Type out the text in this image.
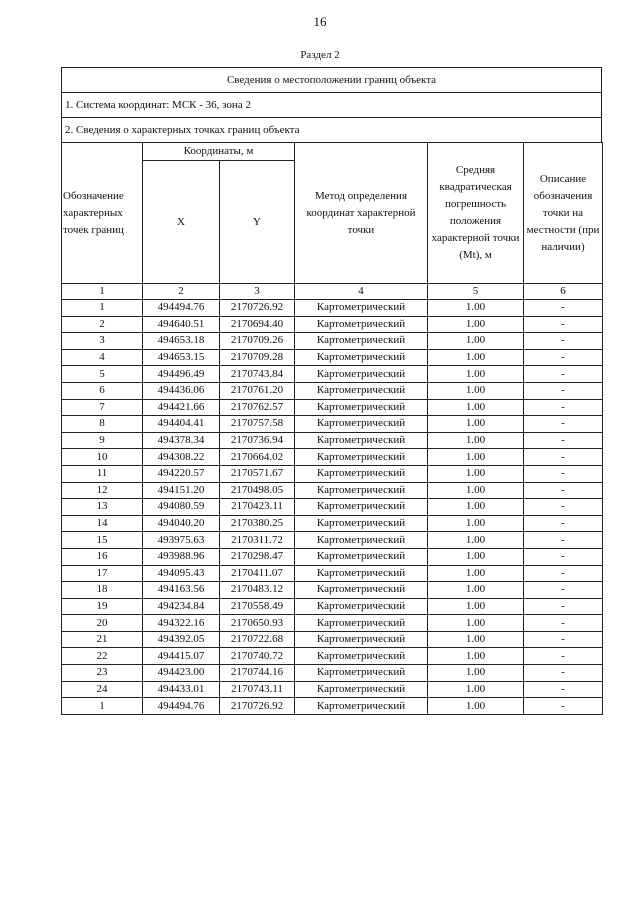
16
Раздел 2
Сведения о местоположении границ объекта
1. Система координат: МСК - 36, зона 2
2. Сведения о характерных точках границ объекта
Обозначение характерных точек границ	Координаты, м		Метод определения координат характерной точки	Средняя квадратическая погрешность положения характерной точки (Мt), м	Описание обозначения точки на местности (при наличии)
	X	Y			
1	2	3	4	5	6
1	494494.76	2170726.92	Картометрический	1.00	-
2	494640.51	2170694.40	Картометрический	1.00	-
3	494653.18	2170709.26	Картометрический	1.00	-
4	494653.15	2170709.28	Картометрический	1.00	-
5	494496.49	2170743.84	Картометрический	1.00	-
6	494436.06	2170761.20	Картометрический	1.00	-
7	494421.66	2170762.57	Картометрический	1.00	-
8	494404.41	2170757.58	Картометрический	1.00	-
9	494378.34	2170736.94	Картометрический	1.00	-
10	494308.22	2170664.02	Картометрический	1.00	-
11	494220.57	2170571.67	Картометрический	1.00	-
12	494151.20	2170498.05	Картометрический	1.00	-
13	494080.59	2170423.11	Картометрический	1.00	-
14	494040.20	2170380.25	Картометрический	1.00	-
15	493975.63	2170311.72	Картометрический	1.00	-
16	493988.96	2170298.47	Картометрический	1.00	-
17	494095.43	2170411.07	Картометрический	1.00	-
18	494163.56	2170483.12	Картометрический	1.00	-
19	494234.84	2170558.49	Картометрический	1.00	-
20	494322.16	2170650.93	Картометрический	1.00	-
21	494392.05	2170722.68	Картометрический	1.00	-
22	494415.07	2170740.72	Картометрический	1.00	-
23	494423.00	2170744.16	Картометрический	1.00	-
24	494433.01	2170743.11	Картометрический	1.00	-
1	494494.76	2170726.92	Картометрический	1.00	-
